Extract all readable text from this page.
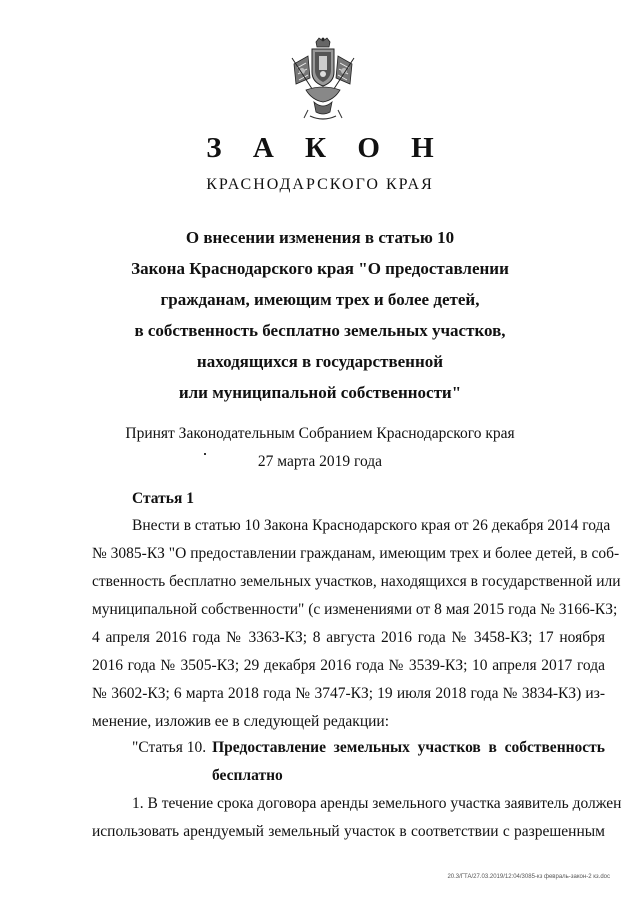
З А К О Н
КРАСНОДАРСКОГО КРАЯ
О внесении изменения в статью 10
Закона Краснодарского края "О предоставлении
гражданам, имеющим трех и более детей,
в собственность бесплатно земельных участков,
находящихся в государственной
или муниципальной собственности"
Принят Законодательным Собранием Краснодарского края
27 марта 2019 года
Статья 1
Внести в статью 10 Закона Краснодарского края от 26 декабря 2014 года
№ 3085-КЗ "О предоставлении гражданам, имеющим трех и более детей, в соб-
ственность бесплатно земельных участков, находящихся в государственной или
муниципальной собственности" (с изменениями от 8 мая 2015 года № 3166-КЗ;
4 апреля 2016 года № 3363-КЗ; 8 августа 2016 года № 3458-КЗ; 17 ноября
2016 года № 3505-КЗ; 29 декабря 2016 года № 3539-КЗ; 10 апреля 2017 года
№ 3602-КЗ; 6 марта 2018 года № 3747-КЗ; 19 июля 2018 года № 3834-КЗ) из-
менение, изложив ее в следующей редакции:
"Статья 10. Предоставление земельных участков в собственность
бесплатно
1. В течение срока договора аренды земельного участка заявитель должен
использовать арендуемый земельный участок в соответствии с разрешенным
20.3/ГТА/27.03.2019/12:04/3085-кз февраль-закон-2 кз.doc
